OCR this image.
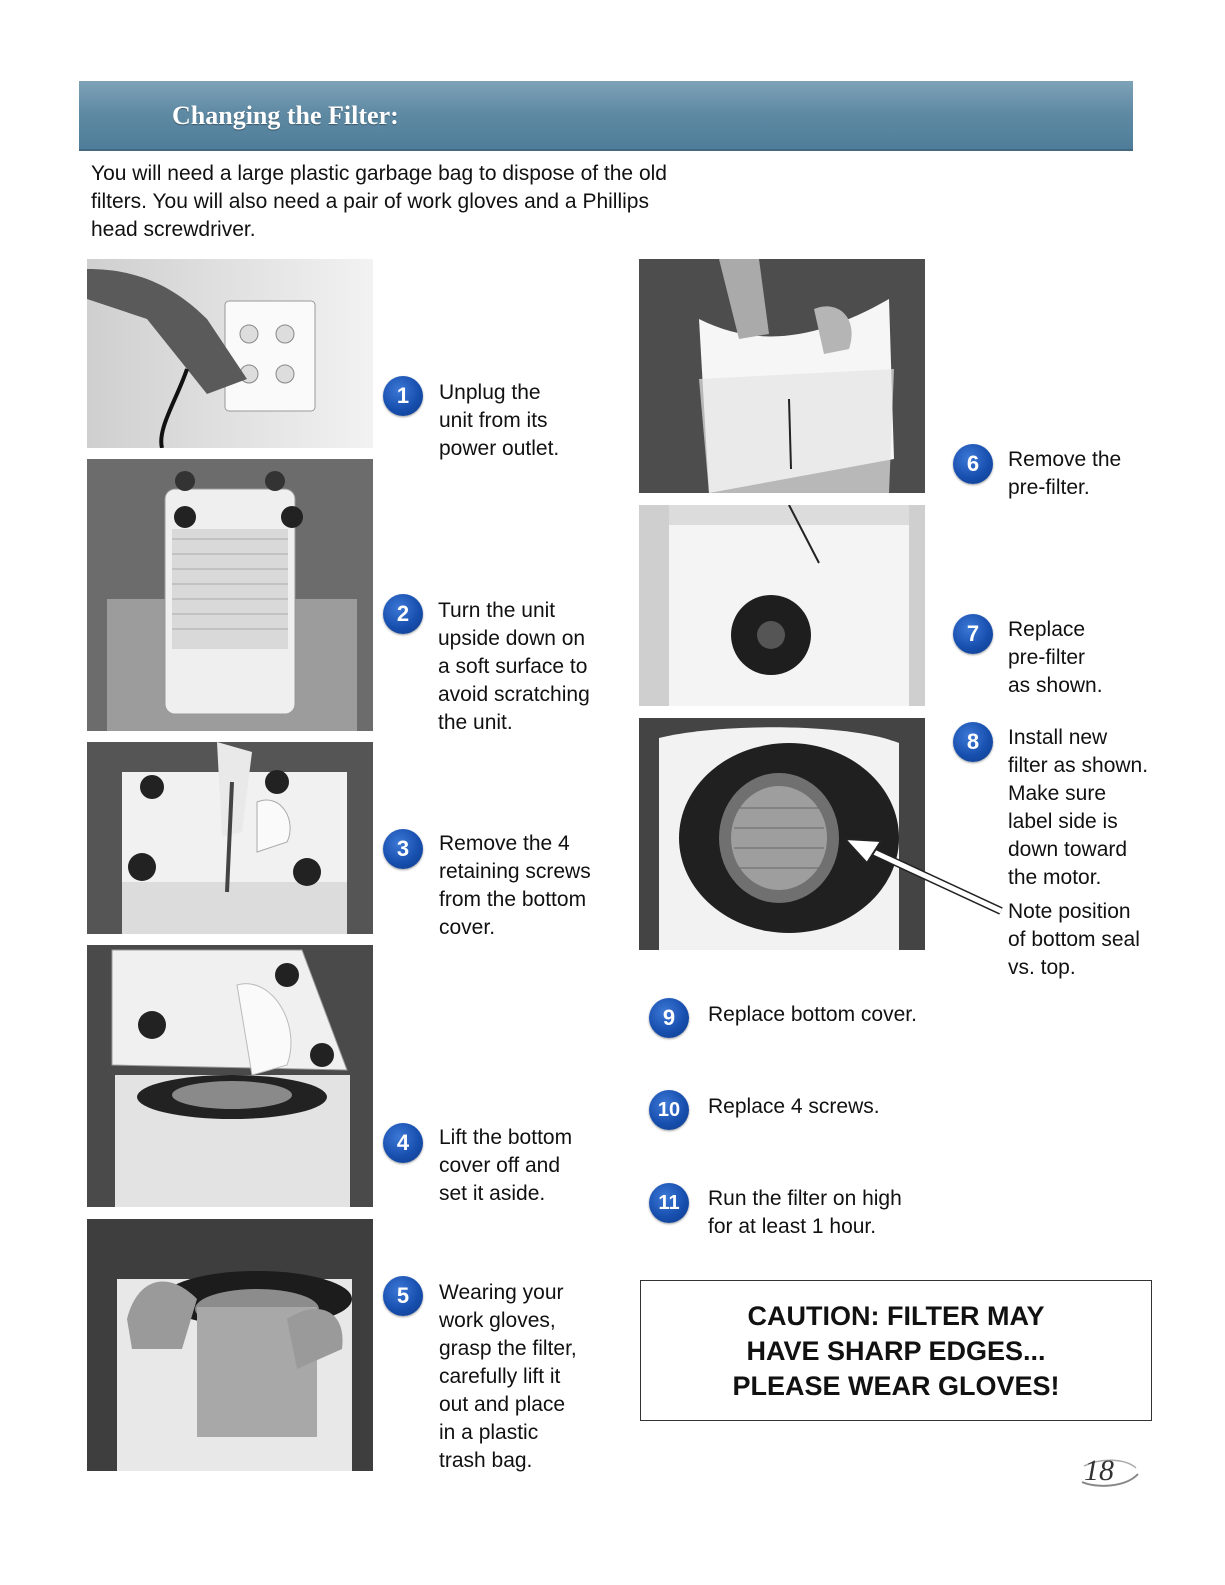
Changing the Filter:
You will need a large plastic garbage bag to dispose of the old filters. You will also need a pair of work gloves and a Phillips head screwdriver.
1	Unplug the
unit from its
power outlet.
2	Turn the unit
upside down on
a soft surface to
avoid scratching
the unit.
3	Remove the 4
retaining screws
from the bottom
cover.
4	Lift the bottom
cover off and
set it aside.
5	Wearing your
work gloves,
grasp the filter,
carefully lift it
out and place
in a plastic
trash bag.
6	Remove the
pre-filter.
7	Replace
pre-filter
as shown.
8	Install new
filter as shown.
Make sure
label side is
down toward
the motor.
Note position
of bottom seal
vs. top.
9	Replace bottom cover.
10	Replace 4 screws.
11	Run the filter on high
for at least 1 hour.
CAUTION: FILTER MAY
HAVE SHARP EDGES...
PLEASE WEAR GLOVES!
18
